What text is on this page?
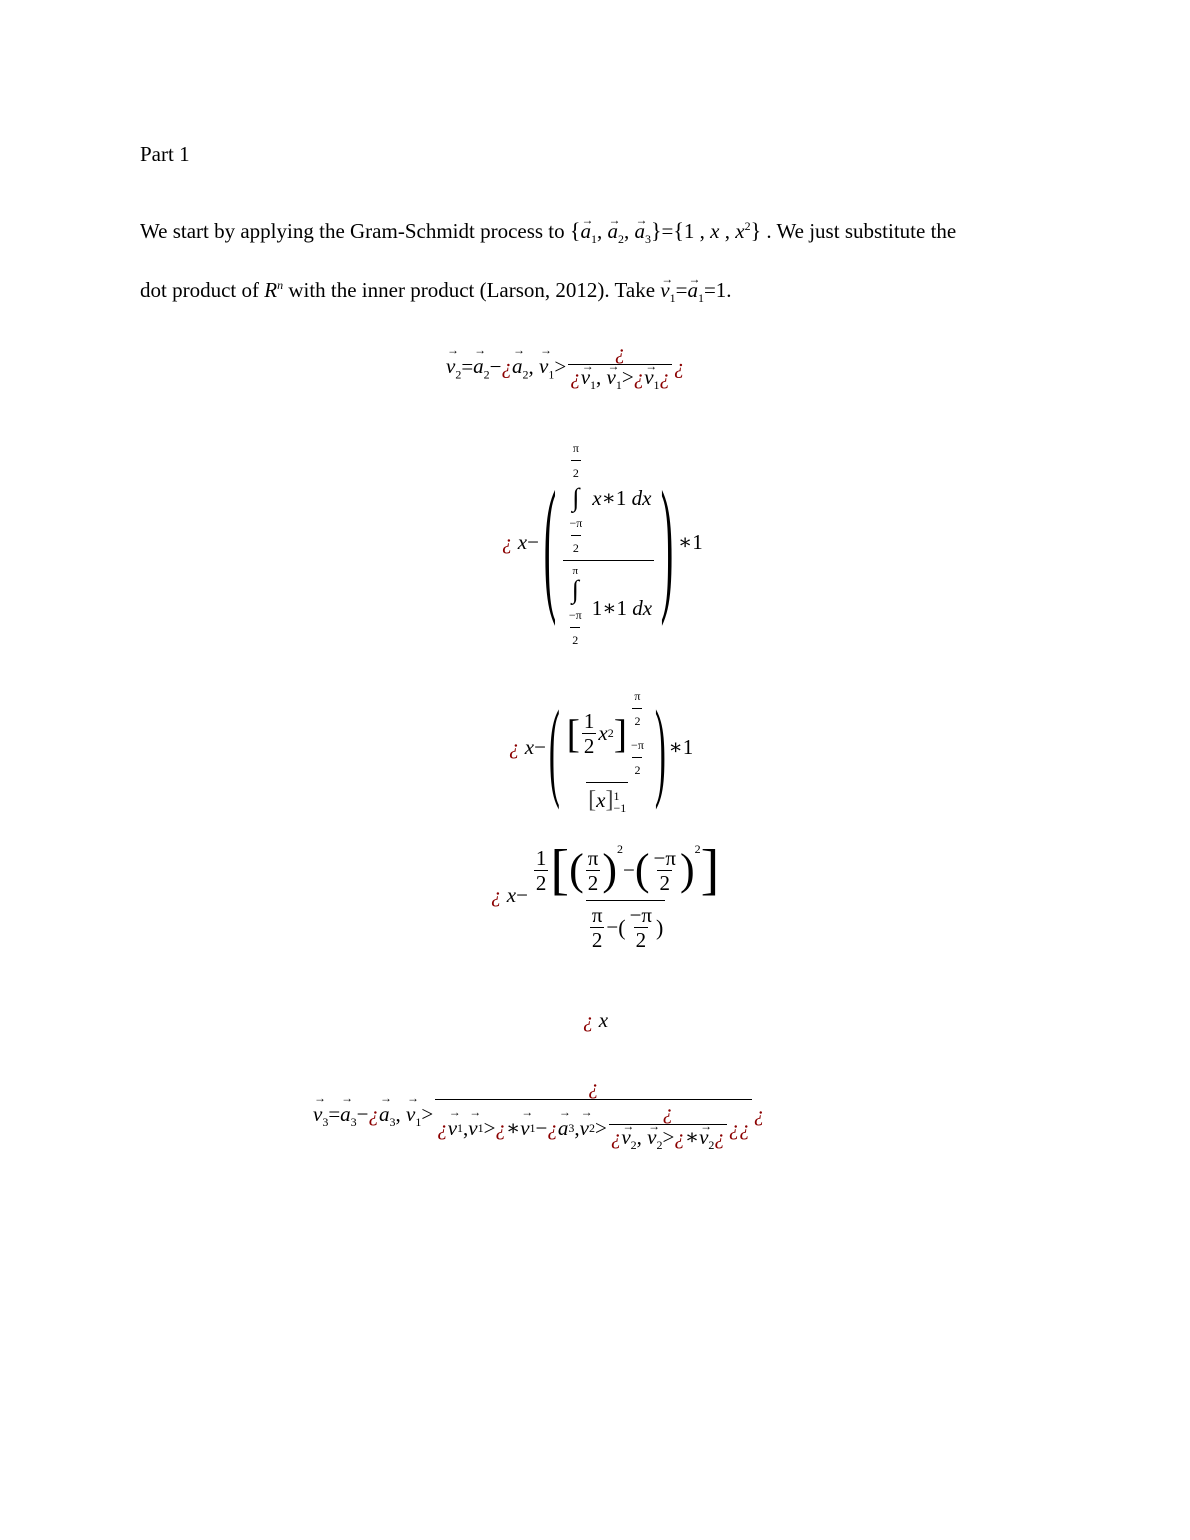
Part 1
We start by applying the Gram-Schmidt process to {→ $a_1$, → $a_2$, → $a_3\}=\{1$ , x , $x^2$} . We just substitute the
dot product of $R^n$ with the inner product (Larson, 2012). Take → $v_1=\to a_1=1$.
→ $v_2=\to$ $a_2-¿\to a_2$, → $v_1> \frac{¿}{¿\to v_1, \to v_1>¿\to v_1¿}$ ¿
¿ $x-( \frac{\pi}{2}$
∫
$\frac{-\pi}{2}$
x∗1 dx
π
∫
$\frac{-\pi}{2}$ 1∗1 dx ) ∗1
¿ x−( [ $\frac{1}{2}$ x 2 ] $\frac{\pi}{2}$
$\frac{-\pi}{2}$
[x] 1
−1 ) ∗1
¿ $x- \frac{1}{2}$ [ ( $\frac{\pi}{2} )^2$
− ( $\frac{-\pi}{2} )^2$ ]
$\frac{\pi}{2}$ − ( $\frac{-\pi}{2}$ )
¿ x
→ $v_3=\to$ $a_3-¿\to a_3$, → $v_1>$ ¿
¿
→ v 1 ,
→ v 1 > ¿ ∗
→ v 1 − ¿
→ a 3 ,
→ v $2 > \frac{¿}{¿\to v_2, \to v_2>¿∗\to v_2¿}$ ¿¿ ¿
